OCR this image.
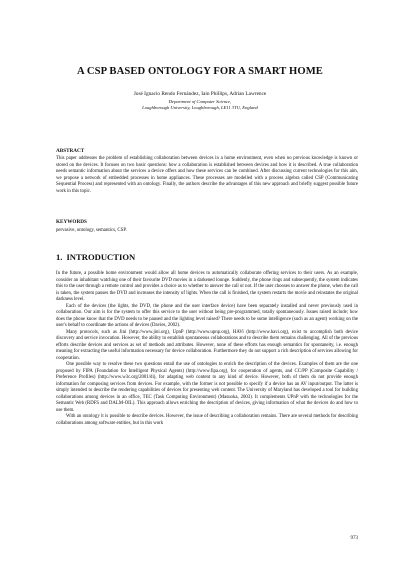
A CSP BASED ONTOLOGY FOR A SMART HOME
José Ignacio Rendo Fernández, Iain Phillips, Adrian Lawrence
Department of Computer Science,
Loughborough University, Loughborough, LE11 3TU, England
ABSTRACT

This paper addresses the problem of establishing collaboration between devices in a home environment, even when no previous knowledge is known or stored on the devices. It focuses on two basic questions: how a collaboration is established between devices and how it is described. A true collaboration needs semantic information about the services a device offers and how these services can be combined. After discussing current technologies for this aim, we propose a network of embedded processes in home appliances. These processes are modelled with a process algebra called CSP (Communicating Sequential Process) and represented with an ontology. Finally, the authors describe the advantages of this new approach and briefly suggest possible future work in this topic.

KEYWORDS

pervasive, ontology, semantics, CSP.

1. INTRODUCTION

In the future, a possible home environment would allow all home devices to automatically collaborate offering services to their users. As an example, consider an inhabitant watching one of their favourite DVD movies in a darkened lounge. Suddenly, the phone rings and subsequently, the system indicates this to the user through a remote control and provides a choice as to whether to answer the call or not. If the user chooses to answer the phone, when the call is taken, the system pauses the DVD and increases the intensity of lights. When the call is finished, the system restarts the movie and reinstates the original darkness level.

Each of the devices (the lights, the DVD, the phone and the user interface device) have been separately installed and never previously used in collaboration. Our aim is for the system to offer this service to the user without being pre-programmed, totally spontaneously. Issues raised include; how does the phone know that the DVD needs to be paused and the lighting level raised? There needs to be some intelligence (such as an agent) working on the user's behalf to coordinate the actions of devices (Davies, 2002).

Many protocols, such as Jini (http://www.jini.org), UpnP (http://www.upnp.org), HAVi (http://www.havi.org), exist to accomplish both device discovery and service invocation. However, the ability to establish spontaneous collaborations and to describe them remains challenging. All of the previous efforts describe devices and services as set of methods and attributes. However, none of these efforts has enough semantics for spontaneity, i.e. enough meaning for extracting the useful information necessary for device collaboration. Furthermore they do not support a rich description of services allowing for cooperation.

One possible way to resolve these two questions entail the use of ontologies to enrich the description of the devices. Examples of them are the one proposed by FIPA (Foundation for Intelligent Physical Agents) (http://www.fipa.org), for cooperation of agents, and CC/PP (Composite Capability / Preference Profiles) (http://www.w3c.org/2001/di), for adapting web content to any kind of device. However, both of them do not provide enough information for composing services from devices. For example, with the former is not possible to specify if a device has an AV input/output. The latter is simply intended to describe the rendering capabilities of devices for presenting web content. The University of Maryland has developed a tool for building collaborations among devices in an office, TEC (Task Computing Environment) (Masuoka, 2003). It complements UPnP with the technologies for the Semantic Web (RDFS and DALM-OIL). This approach allows enriching the description of devices, giving information of what the devices do and how to use them.

With an ontology it is possible to describe devices. However, the issue of describing a collaboration remains. There are several methods for describing collaborations among software entities, but in this work

973
